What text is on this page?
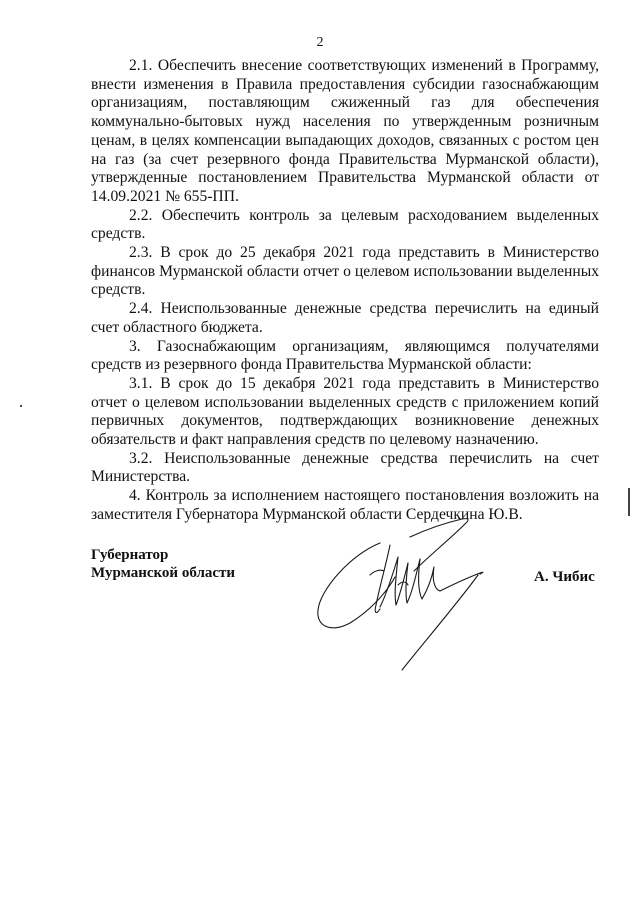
2

2.1. Обеспечить внесение соответствующих изменений в Программу, внести изменения в Правила предоставления субсидии газоснабжающим организациям, поставляющим сжиженный газ для обеспечения коммунально-бытовых нужд населения по утвержденным розничным ценам, в целях компенсации выпадающих доходов, связанных с ростом цен на газ (за счет резервного фонда Правительства Мурманской области), утвержденные постановлением Правительства Мурманской области от 14.09.2021 № 655-ПП.

2.2. Обеспечить контроль за целевым расходованием выделенных средств.

2.3. В срок до 25 декабря 2021 года представить в Министерство финансов Мурманской области отчет о целевом использовании выделенных средств.

2.4. Неиспользованные денежные средства перечислить на единый счет областного бюджета.

3. Газоснабжающим организациям, являющимся получателями средств из резервного фонда Правительства Мурманской области:

3.1. В срок до 15 декабря 2021 года представить в Министерство отчет о целевом использовании выделенных средств с приложением копий первичных документов, подтверждающих возникновение денежных обязательств и факт направления средств по целевому назначению.

3.2. Неиспользованные денежные средства перечислить на счет Министерства.

4. Контроль за исполнением настоящего постановления возложить на заместителя Губернатора Мурманской области Сердечкина Ю.В.

Губернатор
Мурманской области	А. Чибис
